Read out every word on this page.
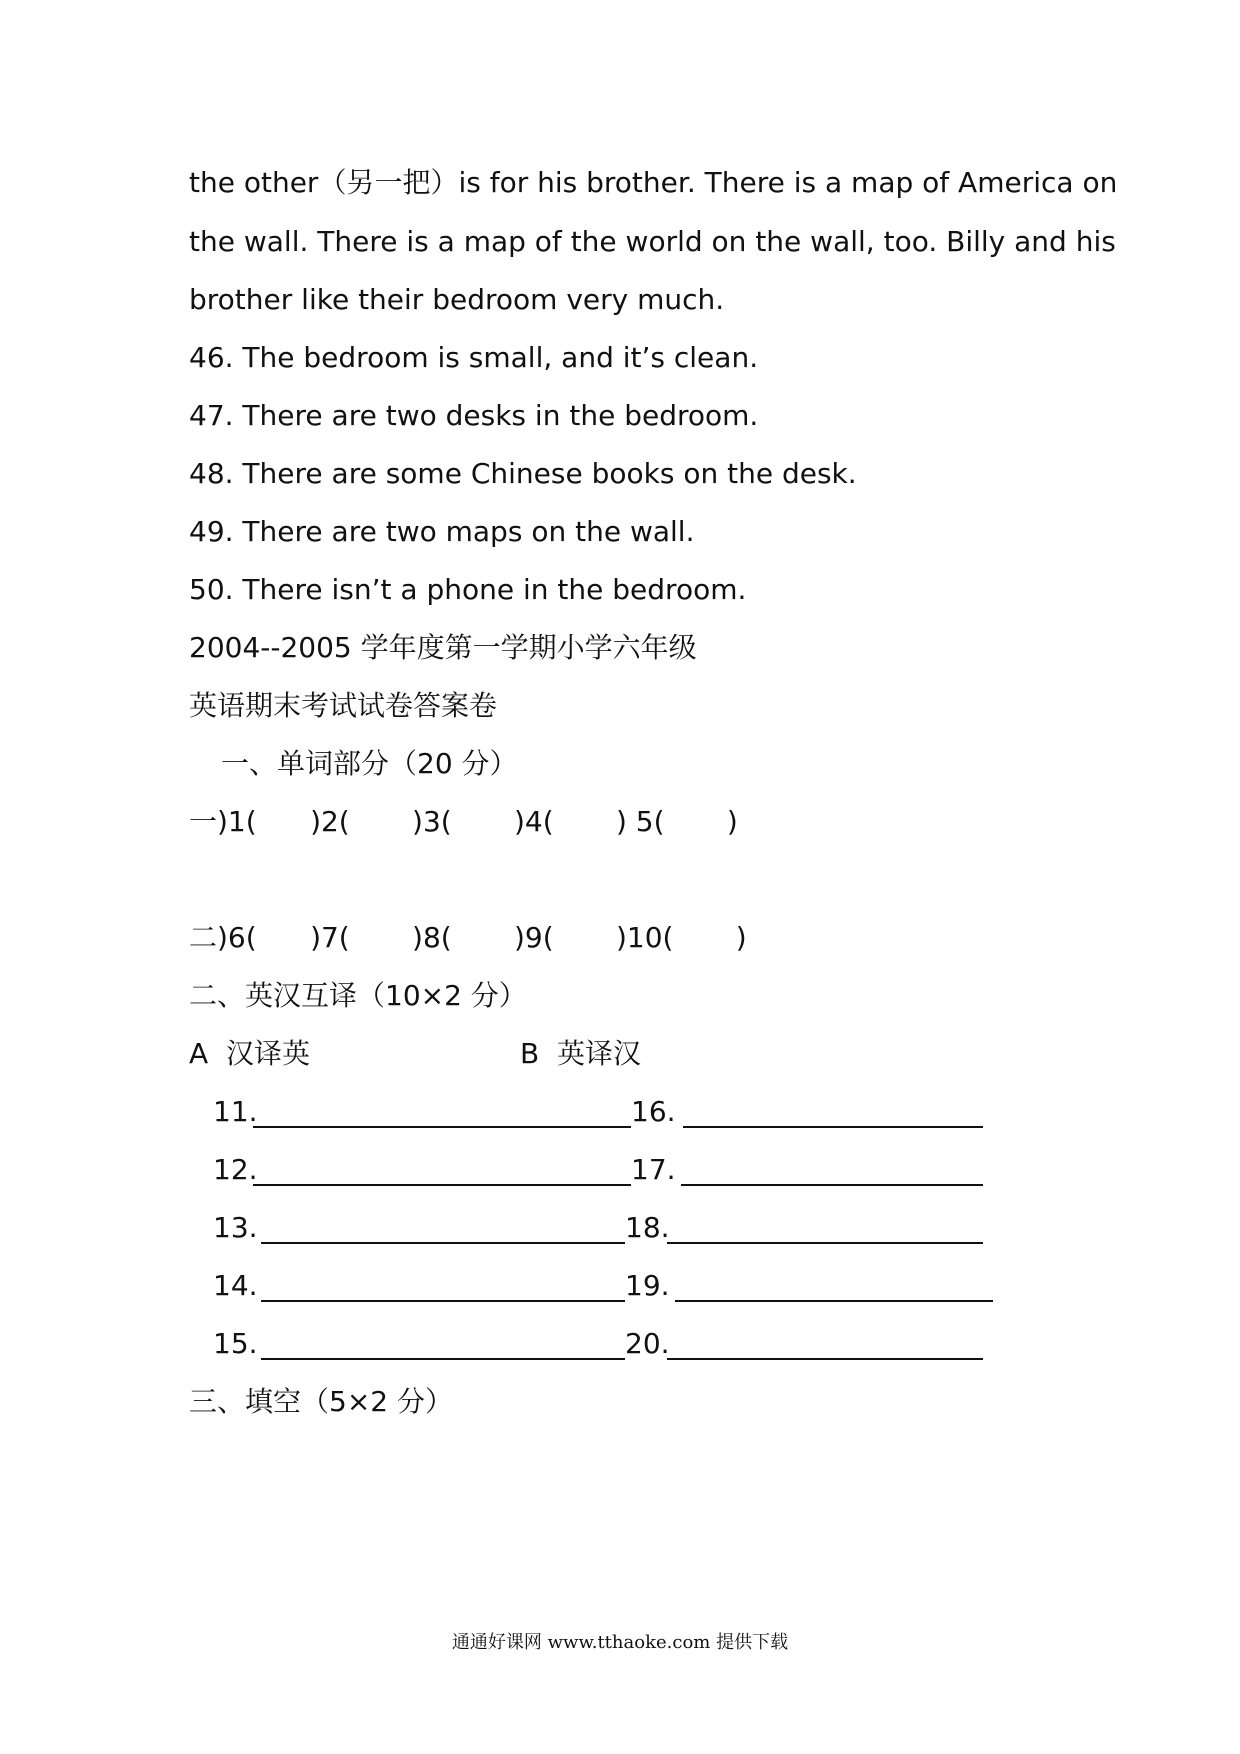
the other（另一把）is for his brother. There is a map of America on
the wall. There is a map of the world on the wall, too. Billy and his
brother like their bedroom very much.
46. The bedroom is small, and it’s clean.
47. There are two desks in the bedroom.
48. There are some Chinese books on the desk.
49. There are two maps on the wall.
50. There isn’t a phone in the bedroom.
2004--2005 学年度第一学期小学六年级
英语期末考试试卷答案卷
一、单词部分（20 分）
一)1(      )2(       )3(       )4(       ) 5(       )
二)6(      )7(       )8(       )9(       )10(       )
二、英汉互译（10×2 分）
A  汉译英	B  英译汉
11.	16.
12.	17.
13.	18.
14.	19.
15.	20.
三、填空（5×2 分）
通通好课网 www.tthaoke.com 提供下载
